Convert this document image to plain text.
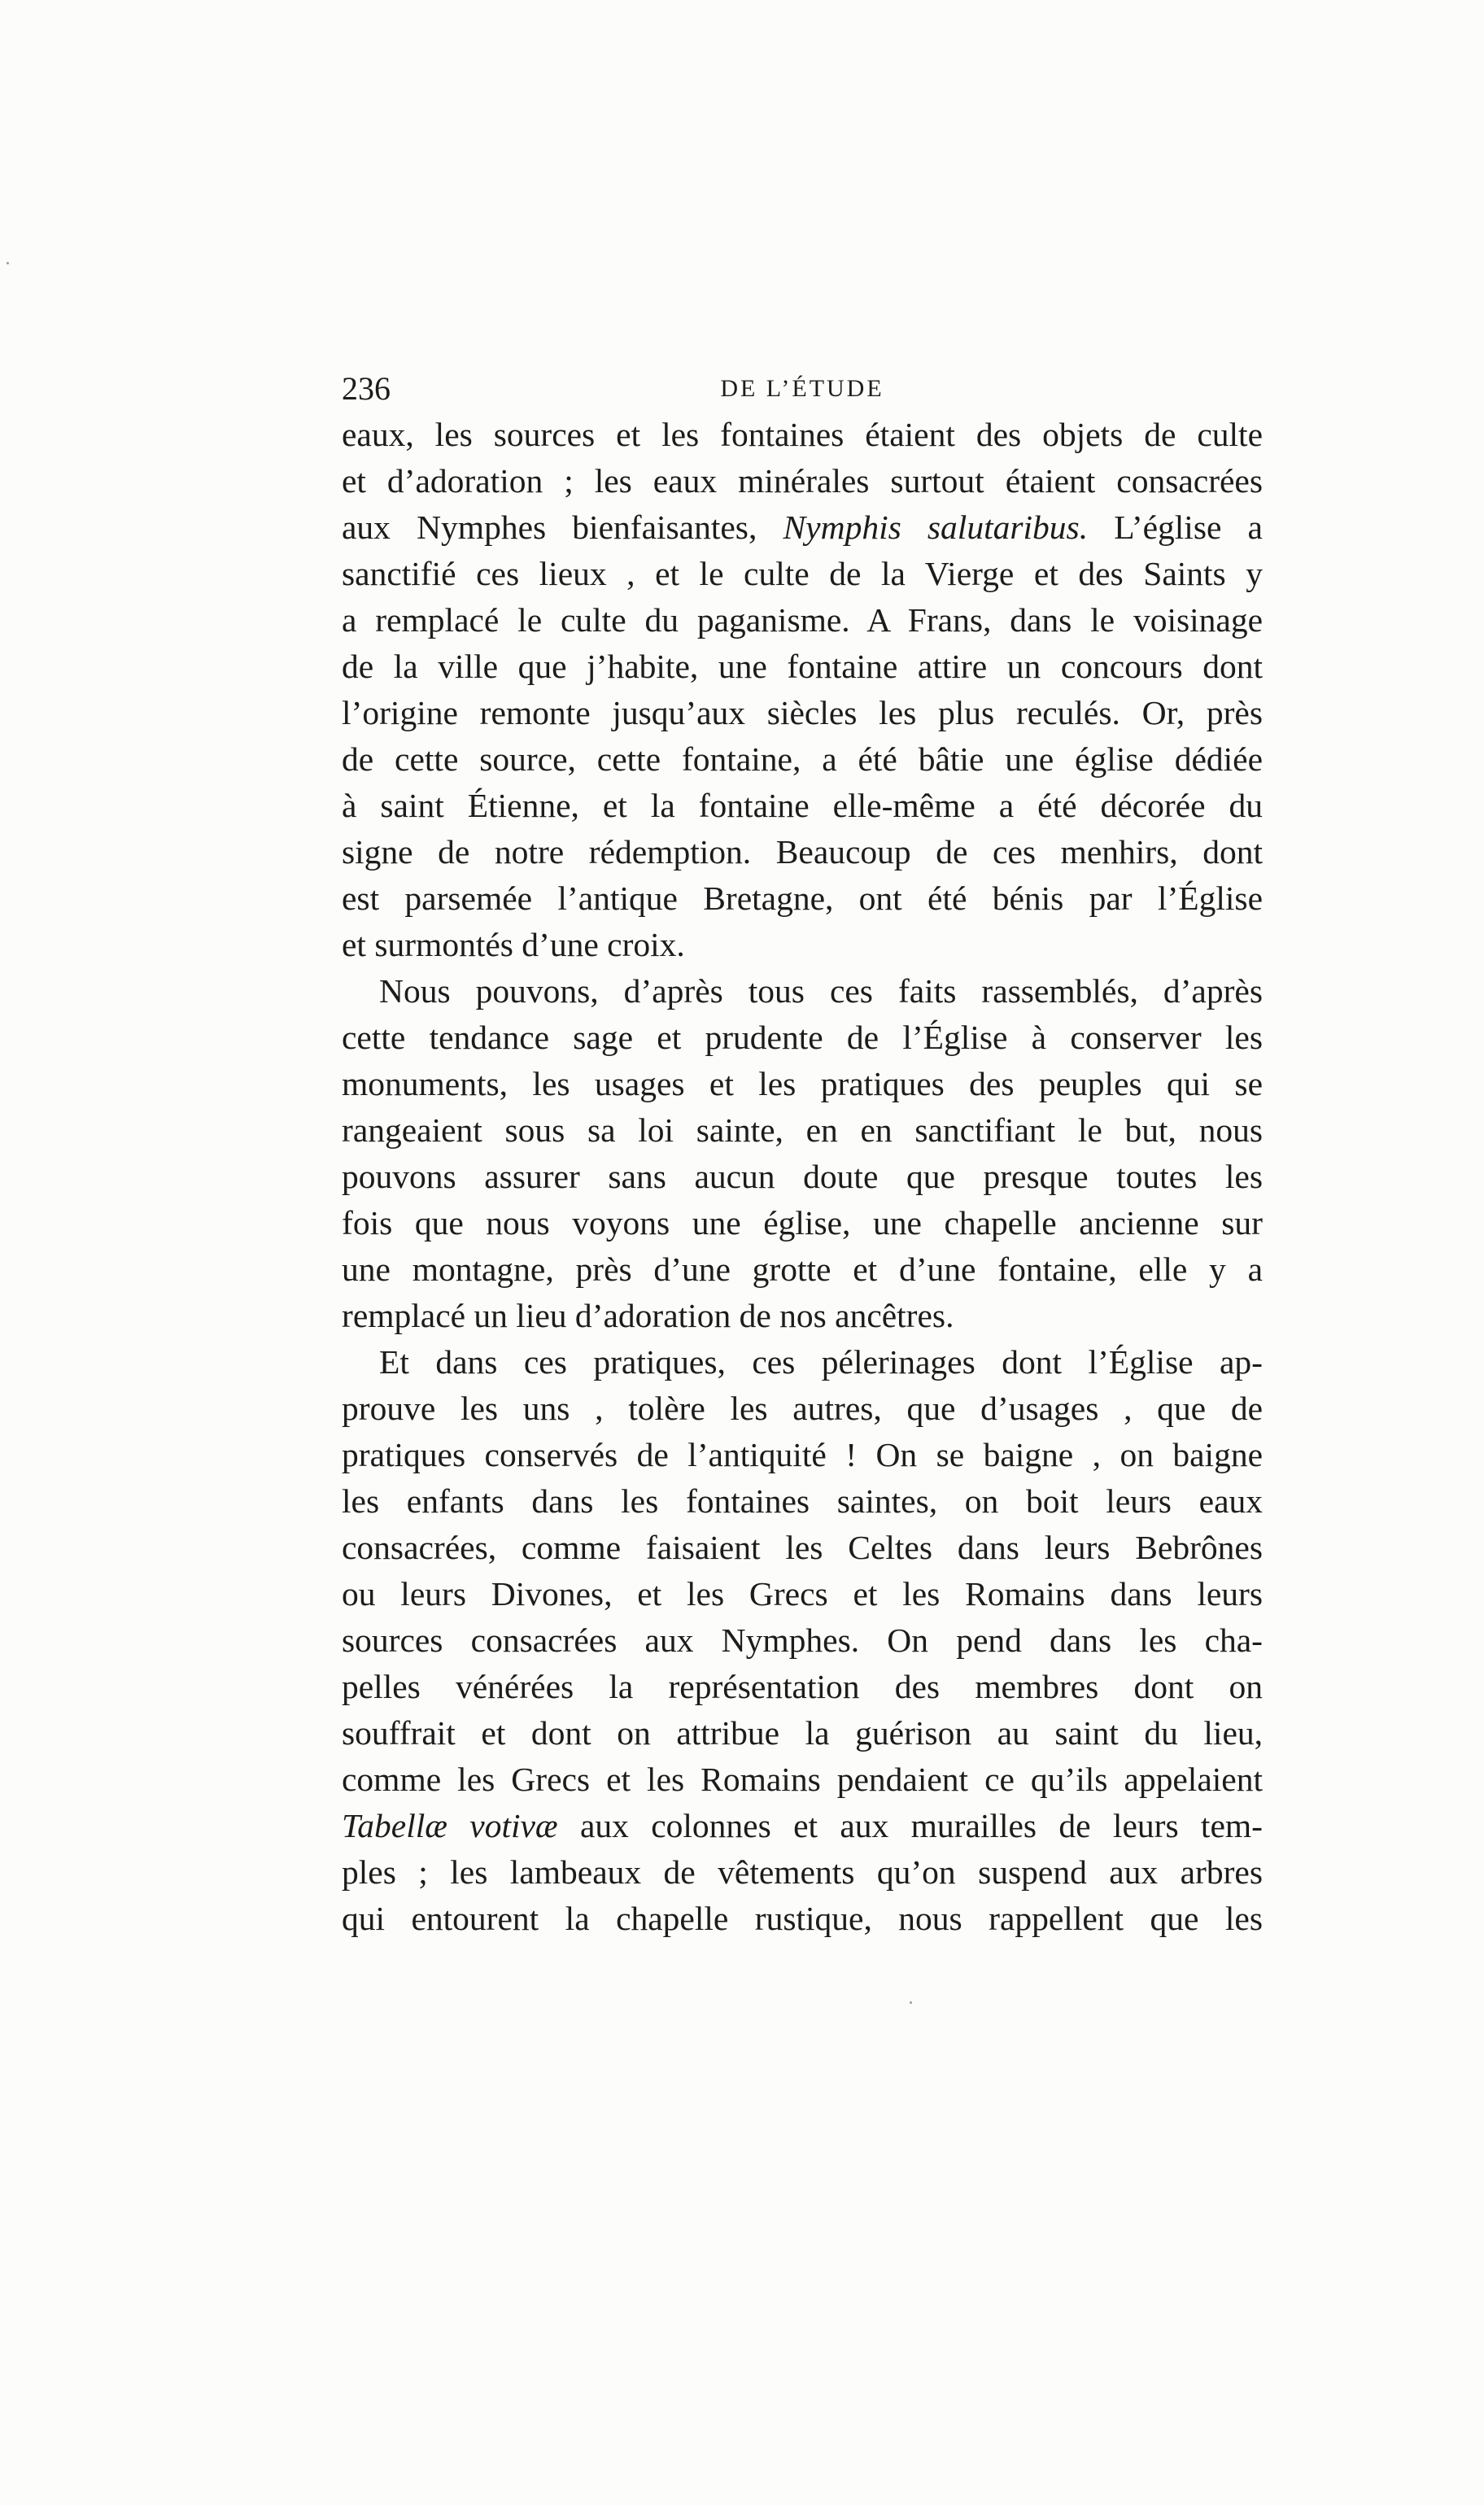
236	DE L’ÉTUDE
eaux, les sources et les fontaines étaient des objets de culte
et d’adoration ; les eaux minérales surtout étaient consacrées
aux Nymphes bienfaisantes, Nymphis salutaribus. L’église a
sanctifié ces lieux , et le culte de la Vierge et des Saints y
a remplacé le culte du paganisme. A Frans, dans le voisinage
de la ville que j’habite, une fontaine attire un concours dont
l’origine remonte jusqu’aux siècles les plus reculés. Or, près
de cette source, cette fontaine, a été bâtie une église dédiée
à saint Étienne, et la fontaine elle-même a été décorée du
signe de notre rédemption. Beaucoup de ces menhirs, dont
est parsemée l’antique Bretagne, ont été bénis par l’Église
et surmontés d’une croix.
Nous pouvons, d’après tous ces faits rassemblés, d’après
cette tendance sage et prudente de l’Église à conserver les
monuments, les usages et les pratiques des peuples qui se
rangeaient sous sa loi sainte, en en sanctifiant le but, nous
pouvons assurer sans aucun doute que presque toutes les
fois que nous voyons une église, une chapelle ancienne sur
une montagne, près d’une grotte et d’une fontaine, elle y a
remplacé un lieu d’adoration de nos ancêtres.
Et dans ces pratiques, ces pélerinages dont l’Église ap-
prouve les uns , tolère les autres, que d’usages , que de
pratiques conservés de l’antiquité ! On se baigne , on baigne
les enfants dans les fontaines saintes, on boit leurs eaux
consacrées, comme faisaient les Celtes dans leurs Bebrônes
ou leurs Divones, et les Grecs et les Romains dans leurs
sources consacrées aux Nymphes. On pend dans les cha-
pelles vénérées la représentation des membres dont on
souffrait et dont on attribue la guérison au saint du lieu,
comme les Grecs et les Romains pendaient ce qu’ils appelaient
Tabellæ votivæ aux colonnes et aux murailles de leurs tem-
ples ; les lambeaux de vêtements qu’on suspend aux arbres
qui entourent la chapelle rustique, nous rappellent que les
